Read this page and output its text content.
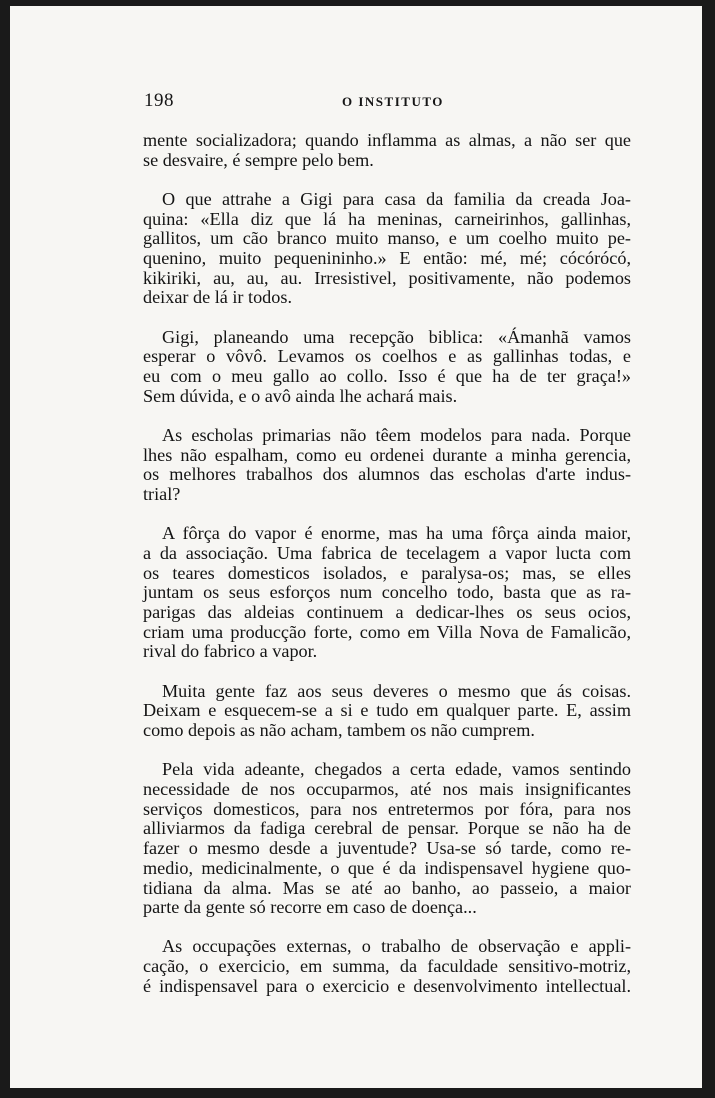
198	O INSTITUTO
mente socializadora; quando inflamma as almas, a não ser que
se desvaire, é sempre pelo bem.
O que attrahe a Gigi para casa da familia da creada Joa-
quina: «Ella diz que lá ha meninas, carneirinhos, gallinhas,
gallitos, um cão branco muito manso, e um coelho muito pe-
quenino, muito pequenininho.» E então: mé, mé; cócórócó,
kikiriki, au, au, au. Irresistivel, positivamente, não podemos
deixar de lá ir todos.
Gigi, planeando uma recepção biblica: «Ámanhã vamos
esperar o vôvô. Levamos os coelhos e as gallinhas todas, e
eu com o meu gallo ao collo. Isso é que ha de ter graça!»
Sem dúvida, e o avô ainda lhe achará mais.
As escholas primarias não têem modelos para nada. Porque
lhes não espalham, como eu ordenei durante a minha gerencia,
os melhores trabalhos dos alumnos das escholas d'arte indus-
trial?
A fôrça do vapor é enorme, mas ha uma fôrça ainda maior,
a da associação. Uma fabrica de tecelagem a vapor lucta com
os teares domesticos isolados, e paralysa-os; mas, se elles
juntam os seus esforços num concelho todo, basta que as ra-
parigas das aldeias continuem a dedicar-lhes os seus ocios,
criam uma producção forte, como em Villa Nova de Famalicão,
rival do fabrico a vapor.
Muita gente faz aos seus deveres o mesmo que ás coisas.
Deixam e esquecem-se a si e tudo em qualquer parte. E, assim
como depois as não acham, tambem os não cumprem.
Pela vida adeante, chegados a certa edade, vamos sentindo
necessidade de nos occuparmos, até nos mais insignificantes
serviços domesticos, para nos entretermos por fóra, para nos
alliviarmos da fadiga cerebral de pensar. Porque se não ha de
fazer o mesmo desde a juventude? Usa-se só tarde, como re-
medio, medicinalmente, o que é da indispensavel hygiene quo-
tidiana da alma. Mas se até ao banho, ao passeio, a maior
parte da gente só recorre em caso de doença...
As occupações externas, o trabalho de observação e appli-
cação, o exercicio, em summa, da faculdade sensitivo-motriz,
é indispensavel para o exercicio e desenvolvimento intellectual.
